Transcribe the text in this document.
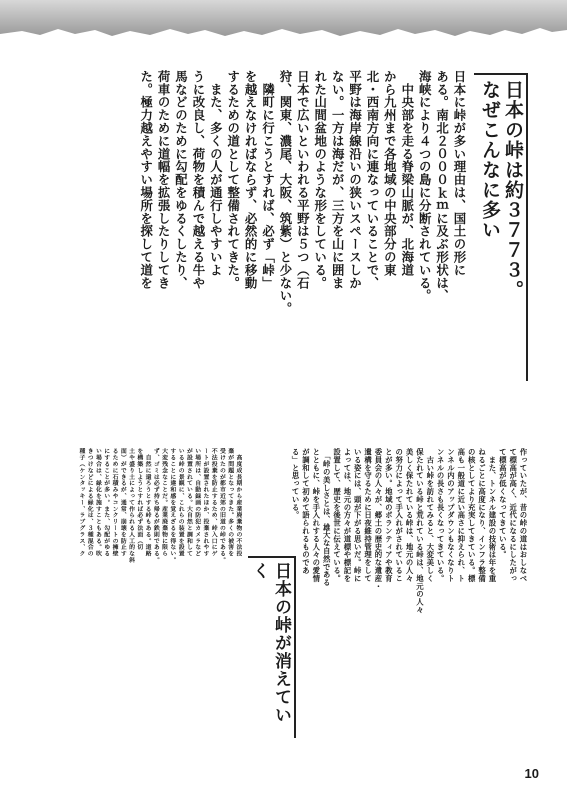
日本の峠は約３７７３。
なぜこんなに多い
日本に峠が多い理由は、国土の形に
ある。南北２０００ｋｍに及ぶ形状は、
海峡により４つの島に分断されている。
　中央部を走る脊梁山脈が、北海道
から九州まで各地域の中央部分の東
北・西南方向に連なっていることで、
平野は海岸線沿いの狭いスペースしか
ない。一方は海だが、三方を山に囲ま
れた山間盆地のような形をしている。
日本で広いといわれる平野は５つ（石
狩、関東、濃尾、大阪、筑紫）と少ない。
　隣町に行こうとすれば、必ず「峠」
を越えなければならず、必然的に移動
するための道として整備されてきた。
　また、多くの人が通行しやすいよ
うに改良し、荷物を積んで越える牛や
馬などのために勾配をゆるくしたり、
荷車のために道幅を拡張したりしてき
た。極力越えやすい場所を探して道を
作っていたが、昔の峠の道はおしなべ
て標高が高く、近代になるにしたがっ
て標高が低くなってきている。
　また、トンネル建設の技術は年を重
ねるごとに高度になり、インフラ整備
の核としてより充実してきている。標
高も一般道に近い高さに抑えられ、ト
ンネル内のアップダウンもなくなりト
ンネルの長さも長くなってきている。
　古い峠を訪れてみると、大変美しく
保たれている峠と荒れている峠は、地元の人々
美しく保たれている峠は、地元の人々
の努力によって手入れがされているこ
とが多い。地域のボランティアや教育
委員会の人々が、郷土の歴史的な遺産・
遺構を守るために日夜維持管理をして
いる姿には、頭が下がる思いだ。峠に
よっては、地元の方々が道標や標記を
設置して、歴史を後世に伝えている。
　「峠の美しさとは、雄大な自然である
とともに、峠を手入れする人々の愛情
が調和して初めて語られるものであ
る」と思っている。
日本の峠が消えていく
　高度成長期から産業廃棄物の不法投
棄が問題となってきた。多くの被害を
受けたのが都市近郊の旧道の峠である。
不法投棄を防止するため、峠入口にゲ
ートが設置されたほか、投棄されやす
い場所は、自動録画の防犯カメラなど
が設置されている。大自然と調和して
いる峠の景観に、これらの装置を設置
することに違和感を覚えざるを得ない。
大変残念なことだ。産業廃棄物に限ら
ず、ゴミは必ず持ち帰るが鉄則である。
　自然に還ろうとする峠もある。道路
を構築しようとすれば必ず法面（切
土や盛り土によって作られる人工的な斜
面）ができるが、通常、崩壊を防止す
るために石積みやコンクリートの擁壁
にすることが多い。また、勾配がゆる
い場合は、緑化を施すこともある。吹
きつけなどによる緑化は、３種混合の
種子（ケンタッキー、ラブグラス、ク
10
